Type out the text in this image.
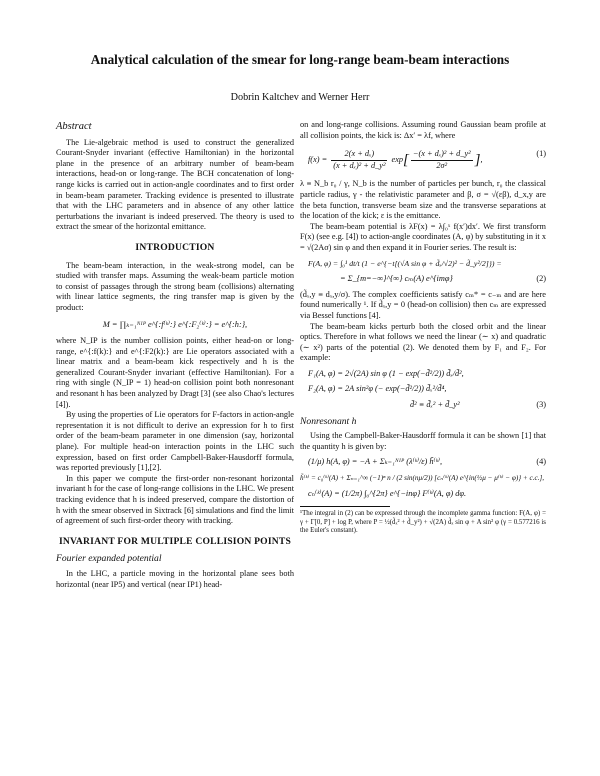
Analytical calculation of the smear for long-range beam-beam interactions
Dobrin Kaltchev and Werner Herr
Abstract

The Lie-algebraic method is used to construct the generalized Courant-Snyder invariant (effective Hamiltonian) in the horizontal plane in the presence of an arbitrary number of beam-beam interactions, head-on or long-range. The BCH concatenation of long-range kicks is carried out in action-angle coordinates and to first order in beam-beam parameter. Tracking evidence is presented to illustrate that with the LHC parameters and in absence of any other lattice perturbations the invariant is indeed preserved. The theory is used to extract the smear of the horizontal emittance.

INTRODUCTION

The beam-beam interaction, in the weak-strong model, can be studied with transfer maps. Assuming the weak-beam particle motion to consist of passages through the strong beam (collisions) alternating with linear lattice segments, the ring transfer map is given by the product:

M = ∏ₖ₌₁ᴺᴵᴾ e^{:f⁽ᵏ⁾:} e^{:F₂⁽ᵏ⁾:} = e^{:h:},

where N_IP is the number collision points, either head-on or long-range, e^{:f(k):} and e^{:F2(k):} are Lie operators associated with a linear matrix and a beam-beam kick respectively and h is the generalized Courant-Snyder invariant (effective Hamiltonian). For a ring with single (N_IP = 1) head-on collision point both nonresonant and resonant h has been analyzed by Dragt [3] (see also Chao's lectures [4]).

By using the properties of Lie operators for F-factors in action-angle representation it is not difficult to derive an expression for h to first order of the beam-beam parameter in one dimension (say, horizontal plane). For multiple head-on interaction points in the LHC such expression, based on first order Campbell-Baker-Hausdorff formula, was reported previously [1],[2].

In this paper we compute the first-order non-resonant horizontal invariant h for the case of long-range collisions in the LHC. We present tracking evidence that h is indeed preserved, compare the distortion of h with the smear observed in Sixtrack [6] simulations and find the limit of agreement of such first-order theory with tracking.

INVARIANT FOR MULTIPLE COLLISION POINTS
Fourier expanded potential

In the LHC, a particle moving in the horizontal plane sees both horizontal (near IP5) and vertical (near IP1) head-

on and long-range collisions. Assuming round Gaussian beam profile at all collision points, the kick is: Δx′ = λf, where

$f(x) = \frac{\text{2(x + dₓ)}}{\text{(x + dₓ)² + d\_y²}} \exp[ \frac{\text{−(x + dₓ)² + d\_y²}}{\text{2σ²}}$ ],
(1)

λ ≡ N_b r₀ / γ, N_b is the number of particles per bunch, r₀ the classical particle radius, γ - the relativistic parameter and β, σ = √(εβ), d_x,y are the beta function, transverse beam size and the transverse separations at the location of the kick; ε is the emittance.

The beam-beam potential is λF(x) = λ∫₀ˣ f(x′)dx′. We first transform F(x) (see e.g. [4]) to action-angle coordinates (A, φ) by substituting in it x = √(2Aσ) sin φ and then expand it in Fourier series. The result is:

F(A, φ) = ∫₀¹ dt/t (1 − e^{−t[(√A sin φ + d̃ₓ/√2)² − d̃_y²/2]}) =
= Σ_{m=−∞}^{∞} cₘ(A) e^{imφ}	(2)

(d̃ₓ,y ≡ dₓ,y/σ). The complex coefficients satisfy cₘ* = c₋ₘ and are here found numerically ¹. If d̃ₓ,y = 0 (head-on collision) then cₘ are expressed via Bessel functions [4].

The beam-beam kicks perturb both the closed orbit and the linear optics. Therefore in what follows we need the linear (∼ x) and quadratic (∼ x²) parts of the potential (2). We denoted them by F₁ and F₂. For example:

F₁(A, φ) = 2√(2A) sin φ (1 − exp(−d̃²/2)) d̃ₓ/d̃²,
F₂(A, φ) = 2A sin²φ (− exp(−d̃²/2)) d̃ₓ²/d̃⁴,
d̃² ≡ d̃ₓ² + d̃_y²	(3)
Nonresonant h

Using the Campbell-Baker-Hausdorff formula it can be shown [1] that the quantity h is given by:

(1/μ) h(A, φ) = −A + Σₖ₌₁ᴺᴵᴾ (λ⁽ᵏ⁾/ε) h̃⁽ᵏ⁾,	(4)
h̃⁽ᵏ⁾ = c₀⁽ᵏ⁾(A) + Σₙ₌₁^∞ (−1)ⁿ n / (2 sin(nμ/2)) [cₙ⁽ᵏ⁾(A) e^{in(½μ − μ⁽ᵏ⁾ − φ)} + c.c.],
cₙ⁽ᵏ⁾(A) = (1/2π) ∫₀^{2π} e^{−inφ} F⁽ᵏ⁾(A, φ) dφ.
¹The integral in (2) can be expressed through the incomplete gamma function: F(A, φ) = γ + Γ[0, P] + log P, where P = ½(d̃ₓ² + d̃_y²) + √(2A) d̃ₓ sin φ + A sin² φ (γ = 0.577216 is the Euler's constant).
